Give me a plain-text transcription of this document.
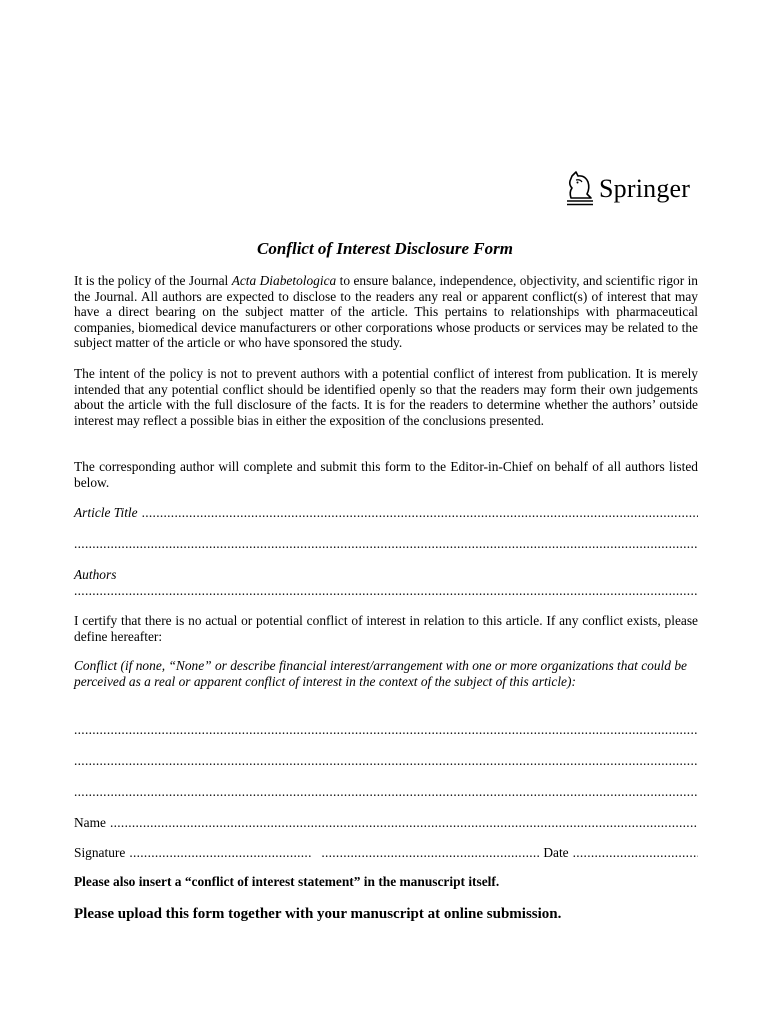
Springer
Conflict of Interest Disclosure Form
It is the policy of the Journal Acta Diabetologica to ensure balance, independence, objectivity, and scientific rigor in the Journal. All authors are expected to disclose to the readers any real or apparent conflict(s) of interest that may have a direct bearing on the subject matter of the article. This pertains to relationships with pharmaceutical companies, biomedical device manufacturers or other corporations whose products or services may be related to the subject matter of the article or who have sponsored the study.
The intent of the policy is not to prevent authors with a potential conflict of interest from publication. It is merely intended that any potential conflict should be identified openly so that the readers may form their own judgements about the article with the full disclosure of the facts. It is for the readers to determine whether the authors’ outside interest may reflect a possible bias in either the exposition of the conclusions presented.
The corresponding author will complete and submit this form to the Editor-in-Chief on behalf of all authors listed below.
Article Title
.....
.....
Authors
.....
I certify that there is no actual or potential conflict of interest in relation to this article. If any conflict exists, please define hereafter:
Conflict (if none, “None” or describe financial interest/arrangement with one or more organizations that could be perceived as a real or apparent conflict of interest in the context of the subject of this article):
.....
.....
.....
Name
.....
Signature ..... .....	Date
.....
Please also insert a “conflict of interest statement” in the manuscript itself.
Please upload this form together with your manuscript at online submission.
